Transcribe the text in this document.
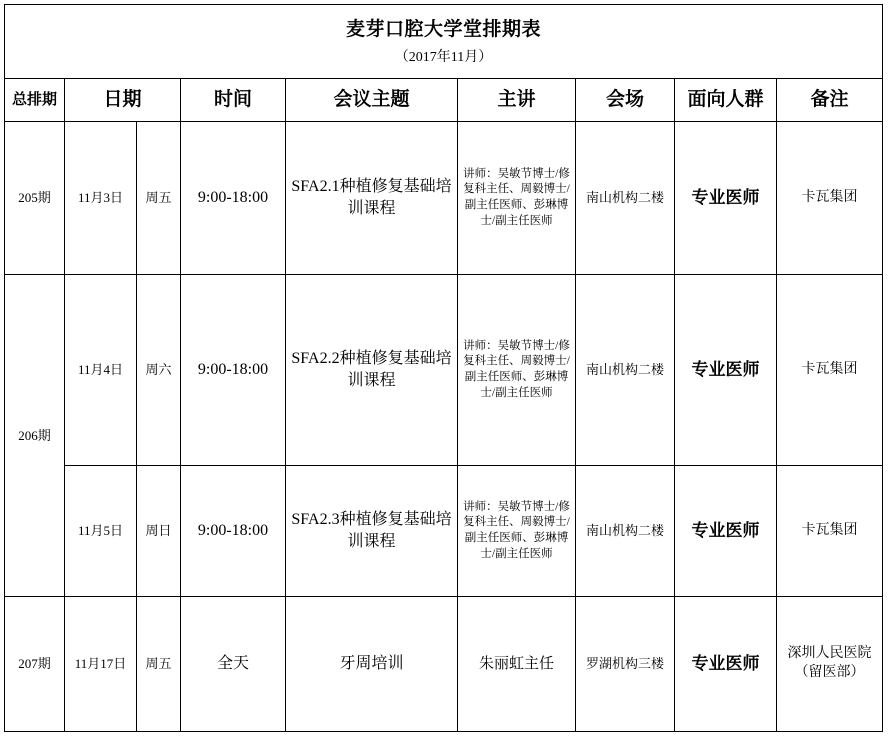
麦芽口腔大学堂排期表								

（2017年11月）								

总排期	日期		时间	会议主题	主讲	会场	面向人群	备注
205期	11月3日	周五	9:00-18:00	SFA2.1种植修复基础培训课程	讲师：吴敏节博士/修复科主任、周毅博士/副主任医师、彭琳博士/副主任医师	南山机构二楼	专业医师	卡瓦集团
206期	11月4日	周六	9:00-18:00	SFA2.2种植修复基础培训课程	讲师：吴敏节博士/修复科主任、周毅博士/副主任医师、彭琳博士/副主任医师	南山机构二楼	专业医师	卡瓦集团
	11月5日	周日	9:00-18:00	SFA2.3种植修复基础培训课程	讲师：吴敏节博士/修复科主任、周毅博士/副主任医师、彭琳博士/副主任医师	南山机构二楼	专业医师	卡瓦集团
207期	11月17日	周五	全天	牙周培训	朱丽虹主任	罗湖机构三楼	专业医师	深圳人民医院（留医部）
